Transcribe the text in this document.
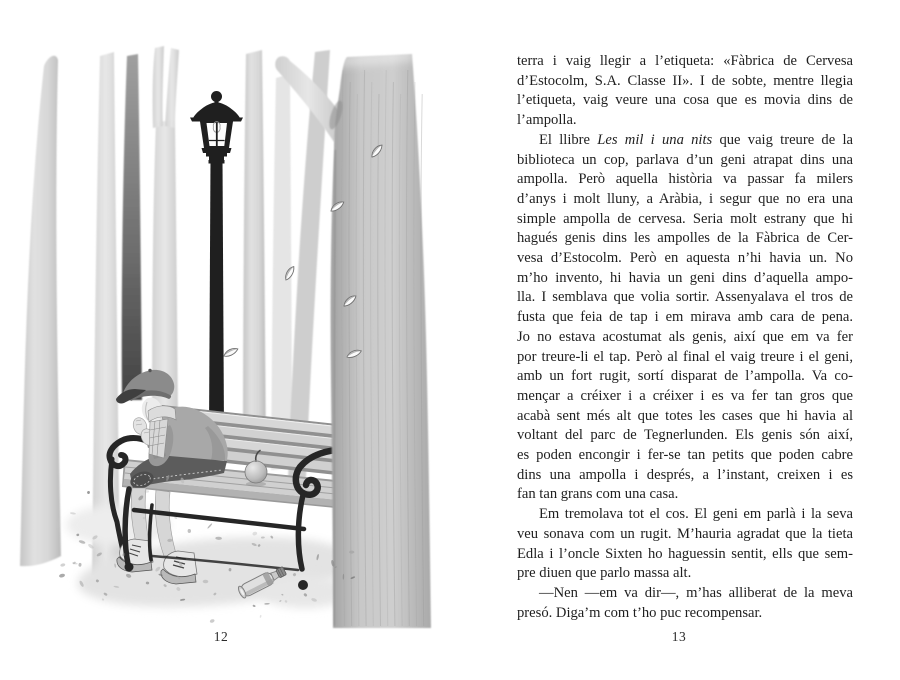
12
terra i vaig llegir a l’etiqueta: «Fàbrica de Cervesa
d’Estocolm, S.A. Classe II». I de sobte, mentre llegia
l’etiqueta, vaig veure una cosa que es movia dins de
l’ampolla.
El llibre Les mil i una nits que vaig treure de la
biblioteca un cop, parlava d’un geni atrapat dins una
ampolla. Però aquella història va passar fa milers
d’anys i molt lluny, a Aràbia, i segur que no era una
simple ampolla de cervesa. Seria molt estrany que hi
hagués genis dins les ampolles de la Fàbrica de Cer-
vesa d’Estocolm. Però en aquesta n’hi havia un. No
m’ho invento, hi havia un geni dins d’aquella ampo-
lla. I semblava que volia sortir. Assenyalava el tros de
fusta que feia de tap i em mirava amb cara de pena.
Jo no estava acostumat als genis, així que em va fer
por treure-li el tap. Però al final el vaig treure i el geni,
amb un fort rugit, sortí disparat de l’ampolla. Va co-
mençar a créixer i a créixer i es va fer tan gros que
acabà sent més alt que totes les cases que hi havia al
voltant del parc de Tegnerlunden. Els genis són així,
es poden encongir i fer-se tan petits que poden cabre
dins una ampolla i després, a l’instant, creixen i es
fan tan grans com una casa.
Em tremolava tot el cos. El geni em parlà i la seva
veu sonava com un rugit. M’hauria agradat que la tieta
Edla i l’oncle Sixten ho haguessin sentit, ells que sem-
pre diuen que parlo massa alt.
—Nen —em va dir—, m’has alliberat de la meva
presó. Diga’m com t’ho puc recompensar.
13
